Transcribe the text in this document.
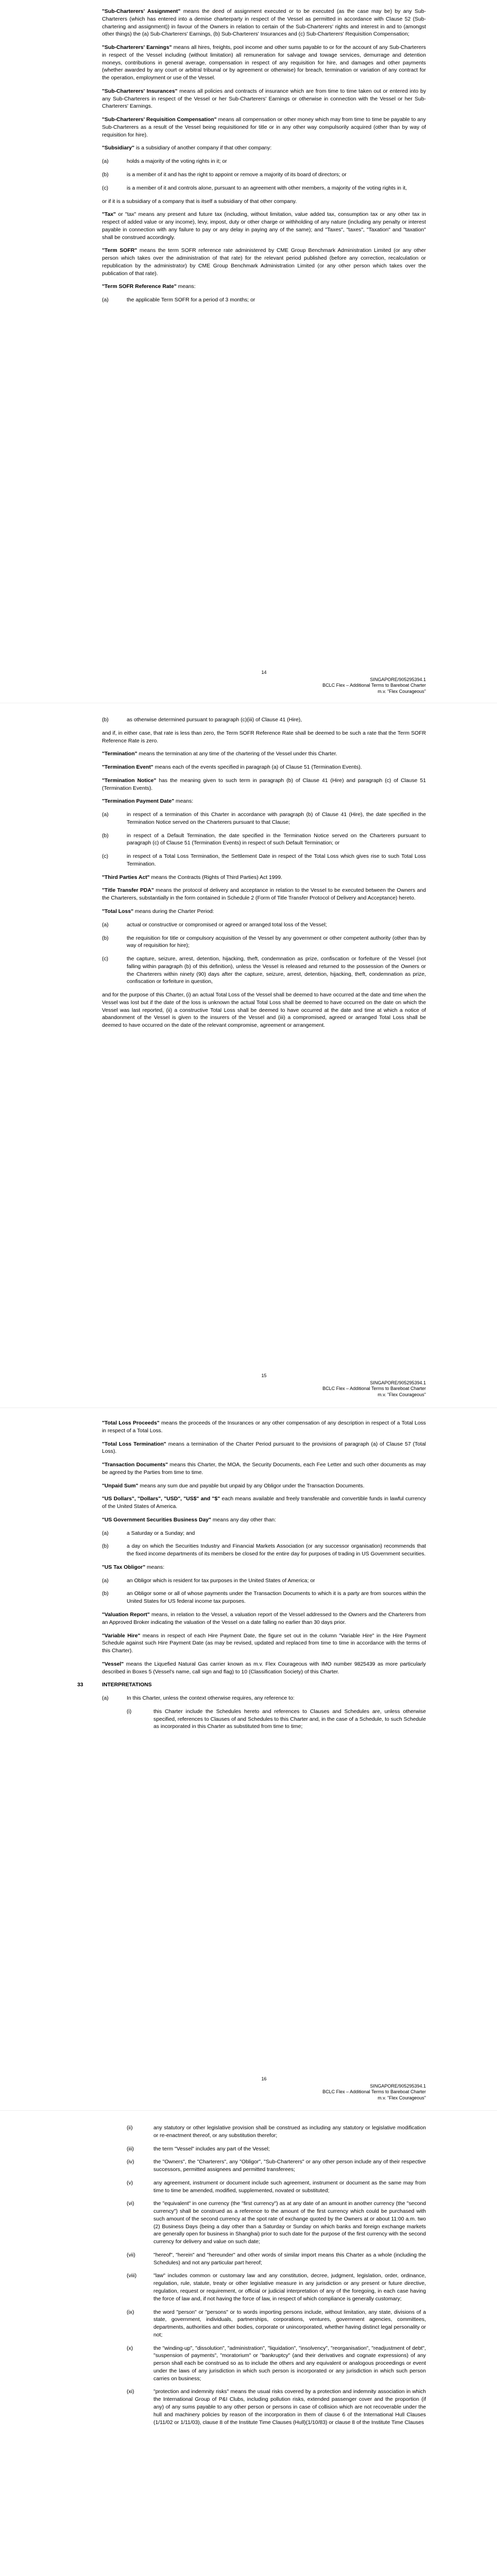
"Sub-Charterers' Assignment" means the deed of assignment executed or to be executed (as the case may be) by any Sub-Charterers (which has entered into a demise charterparty in respect of the Vessel as permitted in accordance with Clause 52 (Sub-chartering and assignment)) in favour of the Owners in relation to certain of the Sub-Charterers' rights and interest in and to (amongst other things) the (a) Sub-Charterers' Earnings, (b) Sub-Charterers' Insurances and (c) Sub-Charterers' Requisition Compensation;

"Sub-Charterers' Earnings" means all hires, freights, pool income and other sums payable to or for the account of any Sub-Charterers in respect of the Vessel including (without limitation) all remuneration for salvage and towage services, demurrage and detention moneys, contributions in general average, compensation in respect of any requisition for hire, and damages and other payments (whether awarded by any court or arbitral tribunal or by agreement or otherwise) for breach, termination or variation of any contract for the operation, employment or use of the Vessel.

"Sub-Charterers' Insurances" means all policies and contracts of insurance which are from time to time taken out or entered into by any Sub-Charterers in respect of the Vessel or her Sub-Charterers' Earnings or otherwise in connection with the Vessel or her Sub-Charterers' Earnings.

"Sub-Charterers' Requisition Compensation" means all compensation or other money which may from time to time be payable to any Sub-Charterers as a result of the Vessel being requisitioned for title or in any other way compulsorily acquired (other than by way of requisition for hire).

"Subsidiary" is a subsidiary of another company if that other company:

(a)	holds a majority of the voting rights in it; or
(b)	is a member of it and has the right to appoint or remove a majority of its board of directors; or
(c)	is a member of it and controls alone, pursuant to an agreement with other members, a majority of the voting rights in it,

or if it is a subsidiary of a company that is itself a subsidiary of that other company.

"Tax" or "tax" means any present and future tax (including, without limitation, value added tax, consumption tax or any other tax in respect of added value or any income), levy, impost, duty or other charge or withholding of any nature (including any penalty or interest payable in connection with any failure to pay or any delay in paying any of the same); and "Taxes", "taxes", "Taxation" and "taxation" shall be construed accordingly.

"Term SOFR" means the term SOFR reference rate administered by CME Group Benchmark Administration Limited (or any other person which takes over the administration of that rate) for the relevant period published (before any correction, recalculation or republication by the administrator) by CME Group Benchmark Administration Limited (or any other person which takes over the publication of that rate).

"Term SOFR Reference Rate" means:

(a)	the applicable Term SOFR for a period of 3 months; or
14
SINGAPORE/905295394.1
BCLC Flex – Additional Terms to Bareboat Charter
m.v. "Flex Courageous"
(b)	as otherwise determined pursuant to paragraph (c)(iii) of Clause 41 (Hire),

and if, in either case, that rate is less than zero, the Term SOFR Reference Rate shall be deemed to be such a rate that the Term SOFR Reference Rate is zero.

"Termination" means the termination at any time of the chartering of the Vessel under this Charter.

"Termination Event" means each of the events specified in paragraph (a) of Clause 51 (Termination Events).

"Termination Notice" has the meaning given to such term in paragraph (b) of Clause 41 (Hire) and paragraph (c) of Clause 51 (Termination Events).

"Termination Payment Date" means:

(a)	in respect of a termination of this Charter in accordance with paragraph (b) of Clause 41 (Hire), the date specified in the Termination Notice served on the Charterers pursuant to that Clause;
(b)	in respect of a Default Termination, the date specified in the Termination Notice served on the Charterers pursuant to paragraph (c) of Clause 51 (Termination Events) in respect of such Default Termination; or
(c)	in respect of a Total Loss Termination, the Settlement Date in respect of the Total Loss which gives rise to such Total Loss Termination.

"Third Parties Act" means the Contracts (Rights of Third Parties) Act 1999.

"Title Transfer PDA" means the protocol of delivery and acceptance in relation to the Vessel to be executed between the Owners and the Charterers, substantially in the form contained in Schedule 2 (Form of Title Transfer Protocol of Delivery and Acceptance) hereto.

"Total Loss" means during the Charter Period:

(a)	actual or constructive or compromised or agreed or arranged total loss of the Vessel;
(b)	the requisition for title or compulsory acquisition of the Vessel by any government or other competent authority (other than by way of requisition for hire);
(c)	the capture, seizure, arrest, detention, hijacking, theft, condemnation as prize, confiscation or forfeiture of the Vessel (not falling within paragraph (b) of this definition), unless the Vessel is released and returned to the possession of the Owners or the Charterers within ninety (90) days after the capture, seizure, arrest, detention, hijacking, theft, condemnation as prize, confiscation or forfeiture in question,

and for the purpose of this Charter, (i) an actual Total Loss of the Vessel shall be deemed to have occurred at the date and time when the Vessel was lost but if the date of the loss is unknown the actual Total Loss shall be deemed to have occurred on the date on which the Vessel was last reported, (ii) a constructive Total Loss shall be deemed to have occurred at the date and time at which a notice of abandonment of the Vessel is given to the insurers of the Vessel and (iii) a compromised, agreed or arranged Total Loss shall be deemed to have occurred on the date of the relevant compromise, agreement or arrangement.

15
SINGAPORE/905295394.1
BCLC Flex – Additional Terms to Bareboat Charter
m.v. "Flex Courageous"

"Total Loss Proceeds" means the proceeds of the Insurances or any other compensation of any description in respect of a Total Loss in respect of a Total Loss.

"Total Loss Termination" means a termination of the Charter Period pursuant to the provisions of paragraph (a) of Clause 57 (Total Loss).

"Transaction Documents" means this Charter, the MOA, the Security Documents, each Fee Letter and such other documents as may be agreed by the Parties from time to time.

"Unpaid Sum" means any sum due and payable but unpaid by any Obligor under the Transaction Documents.

"US Dollars", "Dollars", "USD", "US$" and "$" each means available and freely transferable and convertible funds in lawful currency of the United States of America.

"US Government Securities Business Day" means any day other than:

(a)	a Saturday or a Sunday; and
(b)	a day on which the Securities Industry and Financial Markets Association (or any successor organisation) recommends that the fixed income departments of its members be closed for the entire day for purposes of trading in US Government securities.

"US Tax Obligor" means:

(a)	an Obligor which is resident for tax purposes in the United States of America; or
(b)	an Obligor some or all of whose payments under the Transaction Documents to which it is a party are from sources within the United States for US federal income tax purposes.

"Valuation Report" means, in relation to the Vessel, a valuation report of the Vessel addressed to the Owners and the Charterers from an Approved Broker indicating the valuation of the Vessel on a date falling no earlier than 30 days prior.

"Variable Hire" means in respect of each Hire Payment Date, the figure set out in the column "Variable Hire" in the Hire Payment Schedule against such Hire Payment Date (as may be revised, updated and replaced from time to time in accordance with the terms of this Charter).

"Vessel" means the Liquefied Natural Gas carrier known as m.v. Flex Courageous with IMO number 9825439 as more particularly described in Boxes 5 (Vessel's name, call sign and flag) to 10 (Classification Society) of this Charter.

33	INTERPRETATIONS
(a)	In this Charter, unless the context otherwise requires, any reference to:
(i)	this Charter include the Schedules hereto and references to Clauses and Schedules are, unless otherwise specified, references to Clauses of and Schedules to this Charter and, in the case of a Schedule, to such Schedule as incorporated in this Charter as substituted from time to time;
16
SINGAPORE/905295394.1
BCLC Flex – Additional Terms to Bareboat Charter
m.v. "Flex Courageous"
(ii)	any statutory or other legislative provision shall be construed as including any statutory or legislative modification or re-enactment thereof, or any substitution therefor;
(iii)	the term "Vessel" includes any part of the Vessel;
(iv)	the "Owners", the "Charterers", any "Obligor", "Sub-Charterers" or any other person include any of their respective successors, permitted assignees and permitted transferees;
(v)	any agreement, instrument or document include such agreement, instrument or document as the same may from time to time be amended, modified, supplemented, novated or substituted;
(vi)	the "equivalent" in one currency (the "first currency") as at any date of an amount in another currency (the "second currency") shall be construed as a reference to the amount of the first currency which could be purchased with such amount of the second currency at the spot rate of exchange quoted by the Owners at or about 11:00 a.m. two (2) Business Days (being a day other than a Saturday or Sunday on which banks and foreign exchange markets are generally open for business in Shanghai) prior to such date for the purpose of the first currency with the second currency for delivery and value on such date;
(vii)	"hereof", "herein" and "hereunder" and other words of similar import means this Charter as a whole (including the Schedules) and not any particular part hereof;
(viii)	"law" includes common or customary law and any constitution, decree, judgment, legislation, order, ordinance, regulation, rule, statute, treaty or other legislative measure in any jurisdiction or any present or future directive, regulation, request or requirement, or official or judicial interpretation of any of the foregoing, in each case having the force of law and, if not having the force of law, in respect of which compliance is generally customary;
(ix)	the word "person" or "persons" or to words importing persons include, without limitation, any state, divisions of a state, government, individuals, partnerships, corporations, ventures, government agencies, committees, departments, authorities and other bodies, corporate or unincorporated, whether having distinct legal personality or not;
(x)	the "winding-up", "dissolution", "administration", "liquidation", "insolvency", "reorganisation", "readjustment of debt", "suspension of payments", "moratorium" or "bankruptcy" (and their derivatives and cognate expressions) of any person shall each be construed so as to include the others and any equivalent or analogous proceedings or event under the laws of any jurisdiction in which such person is incorporated or any jurisdiction in which such person carries on business;
(xi)	"protection and indemnity risks" means the usual risks covered by a protection and indemnity association in which the International Group of P&I Clubs, including pollution risks, extended passenger cover and the proportion (if any) of any sums payable to any other person or persons in case of collision which are not recoverable under the hull and machinery policies by reason of the incorporation in them of clause 6 of the International Hull Clauses (1/11/02 or 1/11/03), clause 8 of the Institute Time Clauses (Hull)(1/10/83) or clause 8 of the Institute Time Clauses
